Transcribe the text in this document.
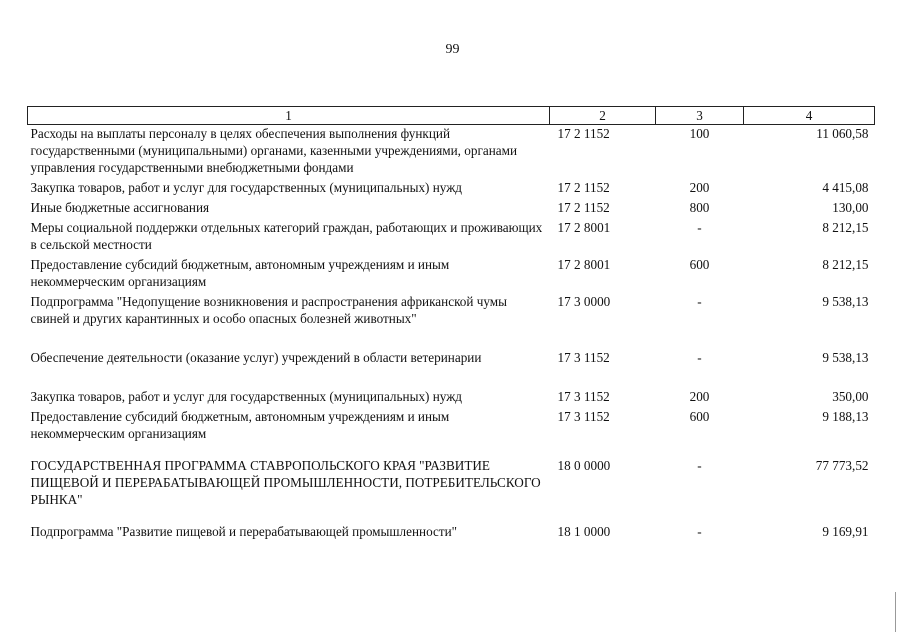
99
1	2	3	4
Расходы на выплаты персоналу в целях обеспечения выполнения функций государственными (муниципальными) органами, казенными учреждениями, органами управления государственными внебюджетными фондами	17 2 1152	100	11 060,58
Закупка товаров, работ и услуг для государственных (муниципальных) нужд	17 2 1152	200	4 415,08
Иные бюджетные ассигнования	17 2 1152	800	130,00
Меры социальной поддержки отдельных категорий граждан, работающих и проживающих в сельской местности	17 2 8001	-	8 212,15
Предоставление субсидий бюджетным, автономным учреждениям и иным некоммерческим организациям	17 2 8001	600	8 212,15
Подпрограмма "Недопущение возникновения и распространения африканской чумы свиней и других карантинных и особо опасных болезней животных"	17 3 0000	-	9 538,13
Обеспечение деятельности (оказание услуг) учреждений в области ветеринарии	17 3 1152	-	9 538,13
Закупка товаров, работ и услуг для государственных (муниципальных) нужд	17 3 1152	200	350,00
Предоставление субсидий бюджетным, автономным учреждениям и иным некоммерческим организациям	17 3 1152	600	9 188,13
ГОСУДАРСТВЕННАЯ ПРОГРАММА СТАВРОПОЛЬСКОГО КРАЯ "РАЗВИТИЕ ПИЩЕВОЙ И ПЕРЕРАБАТЫВАЮЩЕЙ ПРОМЫШЛЕННОСТИ, ПОТРЕБИТЕЛЬСКОГО РЫНКА"	18 0 0000	-	77 773,52
Подпрограмма "Развитие пищевой и перерабатывающей промышленности"	18 1 0000	-	9 169,91
